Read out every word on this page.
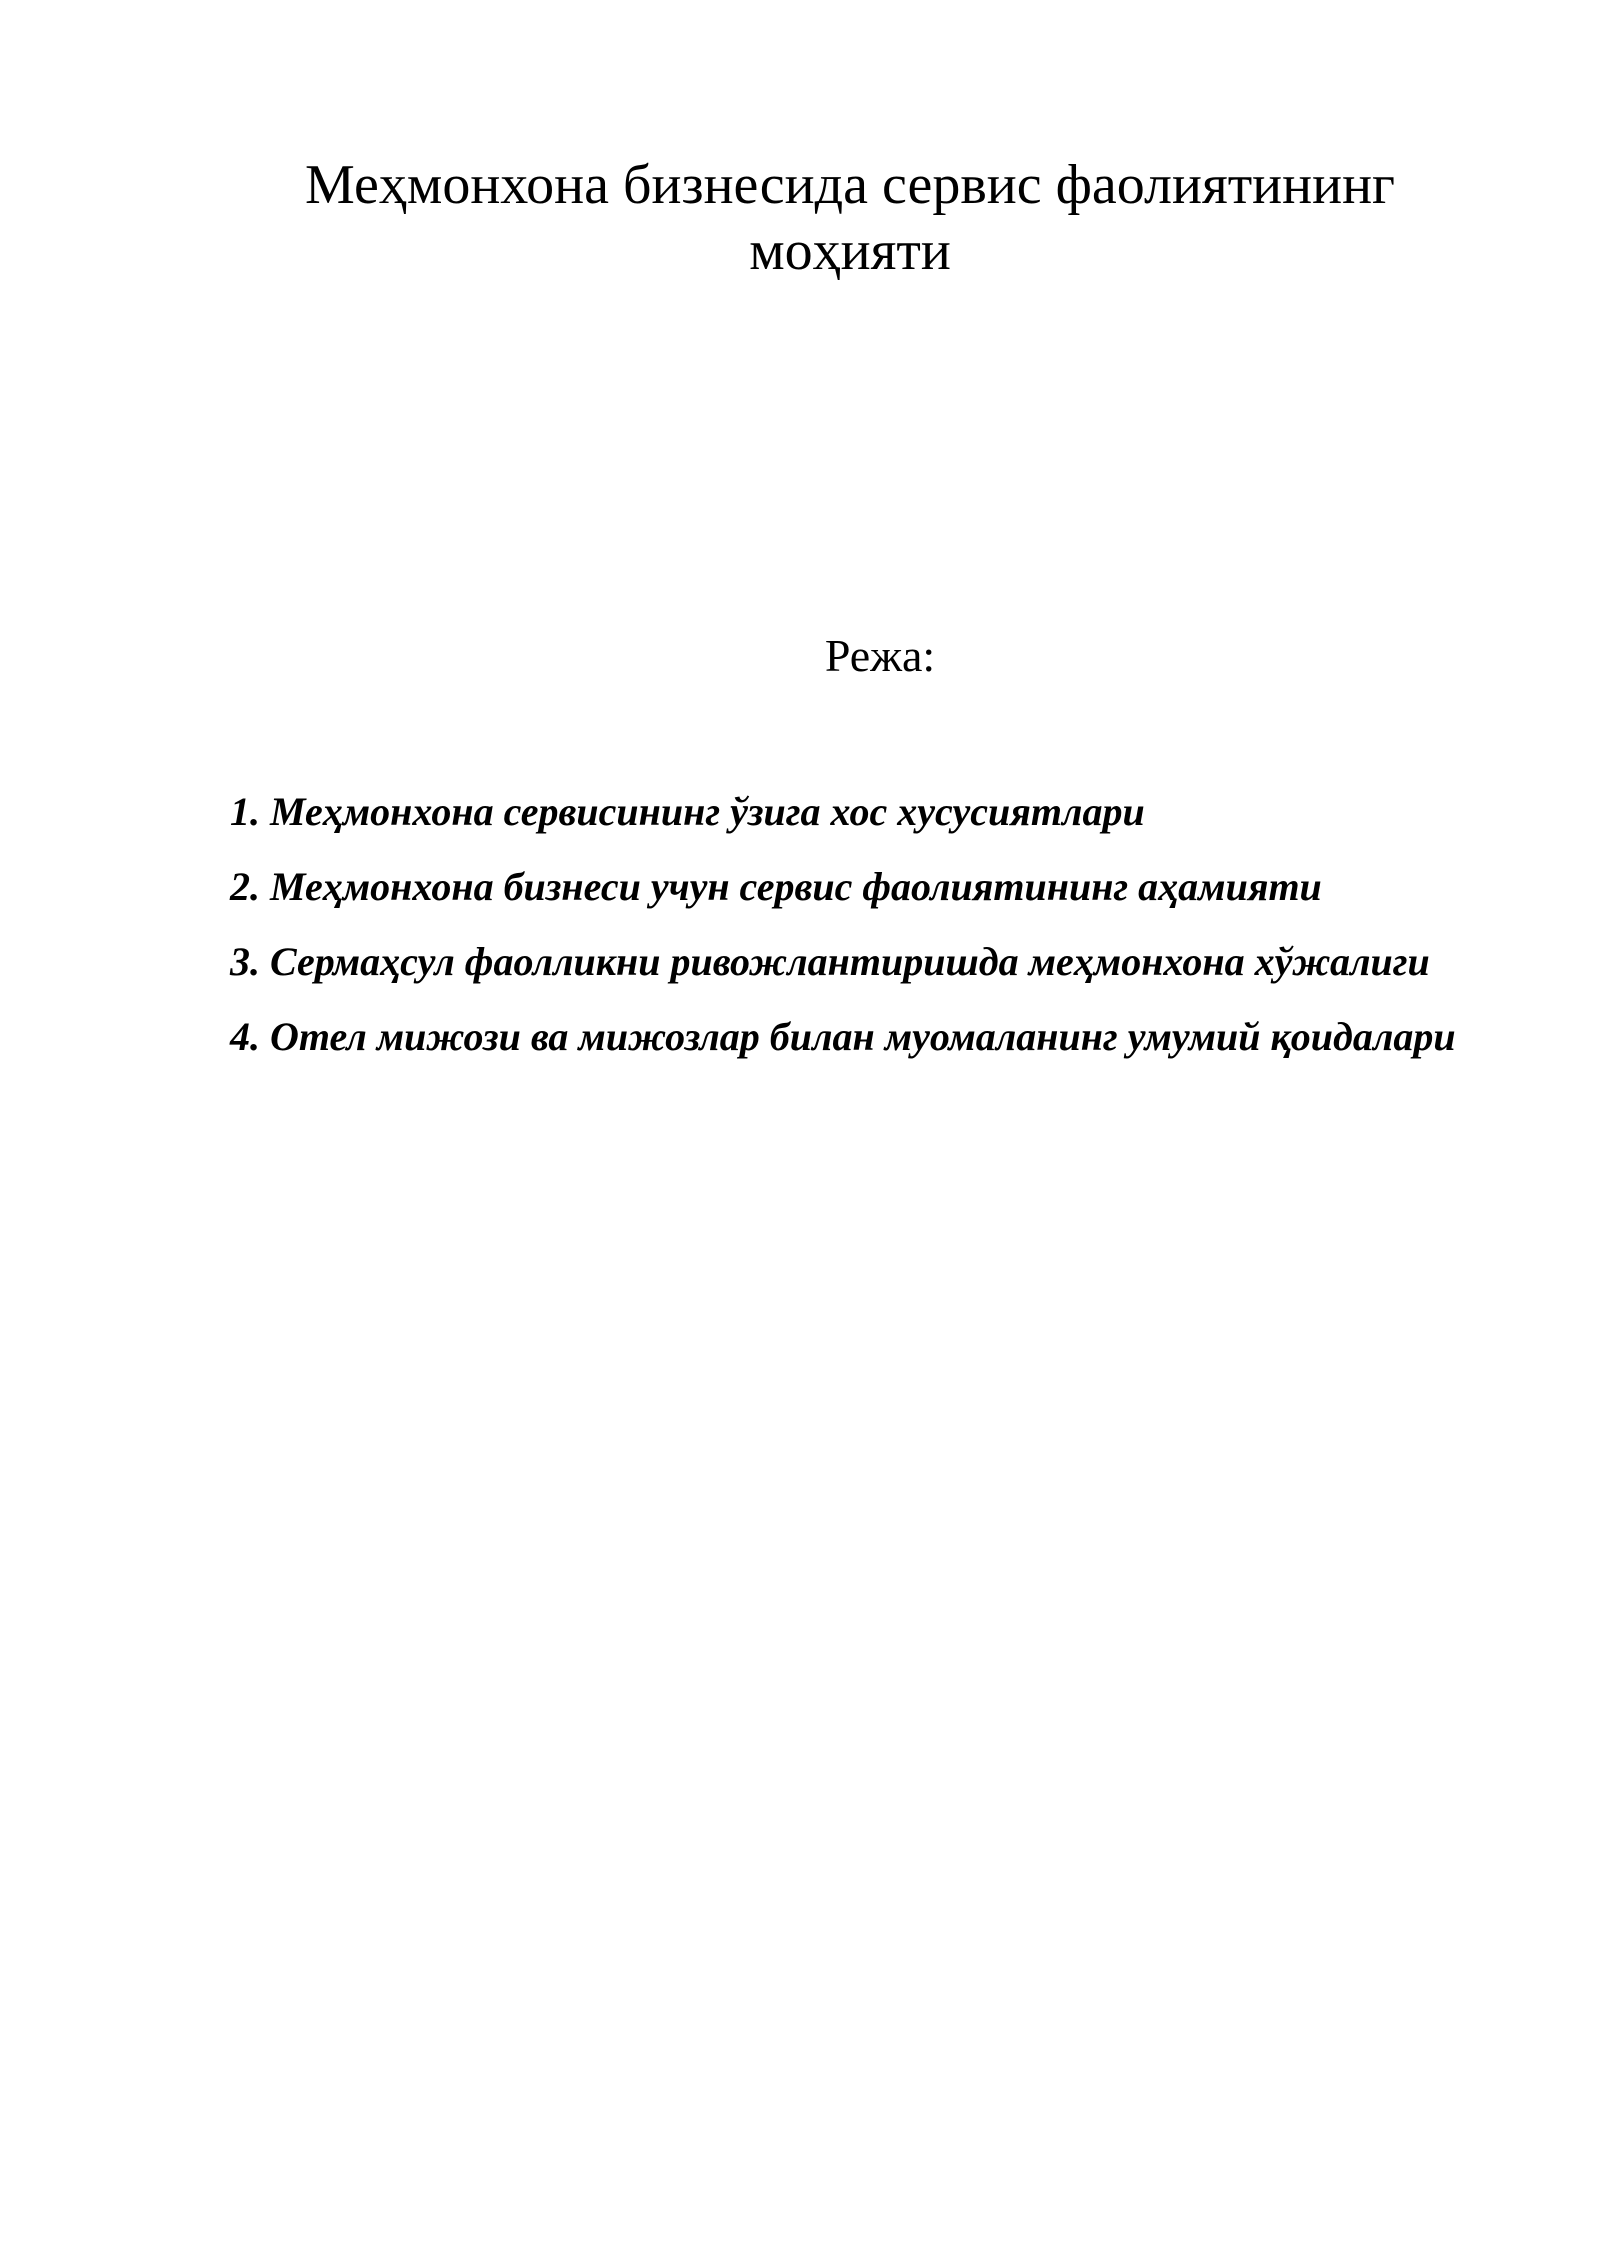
Меҳмонхона бизнесида сервис фаолиятининг моҳияти
Режа:
1. Меҳмонхона сервисининг ўзига хос хусусиятлари
2. Меҳмонхона бизнеси учун сервис фаолиятининг аҳамияти
3. Сермаҳсул фаолликни ривожлантиришда меҳмонхона хўжалиги
4. Отел мижози ва мижозлар билан муомаланинг умумий қоидалари
